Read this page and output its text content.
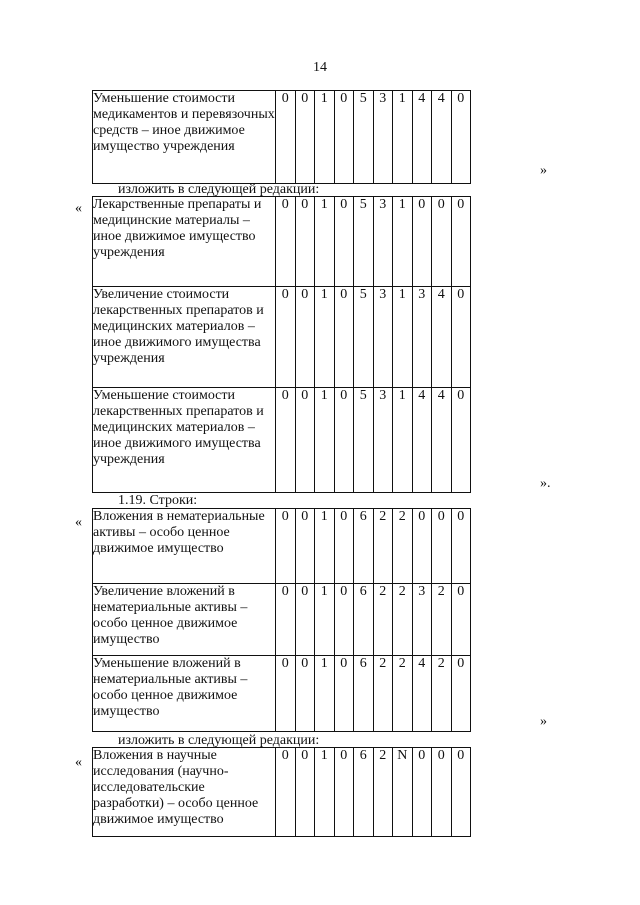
14
Уменьшение стоимости медикаментов и перевязочных средств – иное движимое имущество учреждения	0	0	1	0	5	3	1	4	4	0
»
изложить в следующей редакции:
« Лекарственные препараты и медицинские материалы – иное движимое имущество учреждения	0	0	1	0	5	3	1	0	0	0
Увеличение стоимости лекарственных препаратов и медицинских материалов – иное движимого имущества учреждения	0	0	1	0	5	3	1	3	4	0
Уменьшение стоимости лекарственных препаратов и медицинских материалов – иное движимого имущества учреждения	0	0	1	0	5	3	1	4	4	0
».
1.19. Строки:
« Вложения в нематериальные активы – особо ценное движимое имущество	0	0	1	0	6	2	2	0	0	0
Увеличение вложений в нематериальные активы – особо ценное движимое имущество	0	0	1	0	6	2	2	3	2	0
Уменьшение вложений в нематериальные активы – особо ценное движимое имущество	0	0	1	0	6	2	2	4	2	0
»
изложить в следующей редакции:
« Вложения в научные исследования (научно-исследовательские разработки) – особо ценное движимое имущество	0	0	1	0	6	2	N	0	0	0
